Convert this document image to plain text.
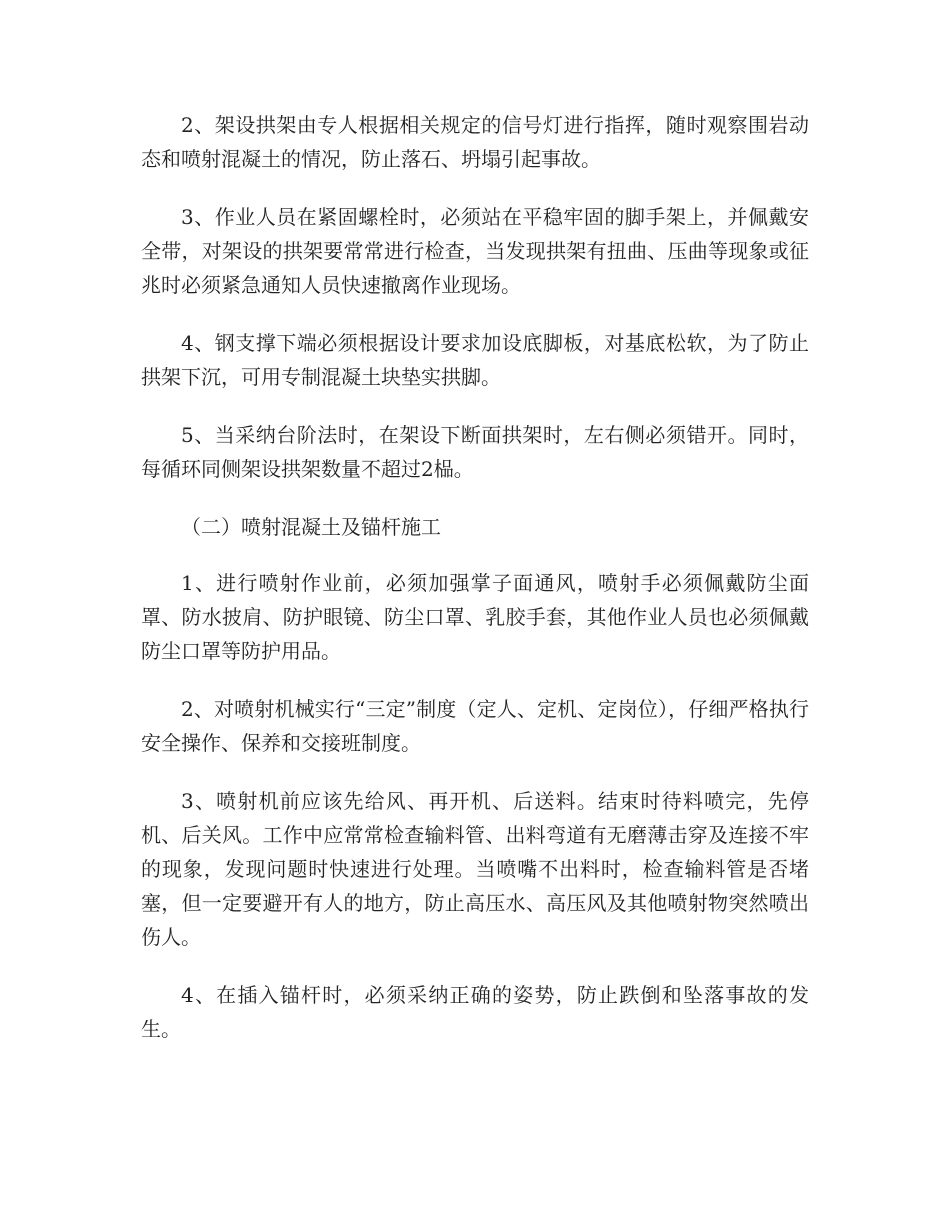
2、架设拱架由专人根据相关规定的信号灯进行指挥，随时观察围岩动态和喷射混凝土的情况，防止落石、坍塌引起事故。

3、作业人员在紧固螺栓时，必须站在平稳牢固的脚手架上，并佩戴安全带，对架设的拱架要常常进行检查，当发现拱架有扭曲、压曲等现象或征兆时必须紧急通知人员快速撤离作业现场。

4、钢支撑下端必须根据设计要求加设底脚板，对基底松软，为了防止拱架下沉，可用专制混凝土块垫实拱脚。

5、当采纳台阶法时，在架设下断面拱架时，左右侧必须错开。同时，每循环同侧架设拱架数量不超过2榀。

（二）喷射混凝土及锚杆施工

1、进行喷射作业前，必须加强掌子面通风，喷射手必须佩戴防尘面罩、防水披肩、防护眼镜、防尘口罩、乳胶手套，其他作业人员也必须佩戴防尘口罩等防护用品。

2、对喷射机械实行“三定”制度（定人、定机、定岗位），仔细严格执行安全操作、保养和交接班制度。

3、喷射机前应该先给风、再开机、后送料。结束时待料喷完，先停机、后关风。工作中应常常检查输料管、出料弯道有无磨薄击穿及连接不牢的现象，发现问题时快速进行处理。当喷嘴不出料时，检查输料管是否堵塞，但一定要避开有人的地方，防止高压水、高压风及其他喷射物突然喷出伤人。

4、在插入锚杆时，必须采纳正确的姿势，防止跌倒和坠落事故的发生。
